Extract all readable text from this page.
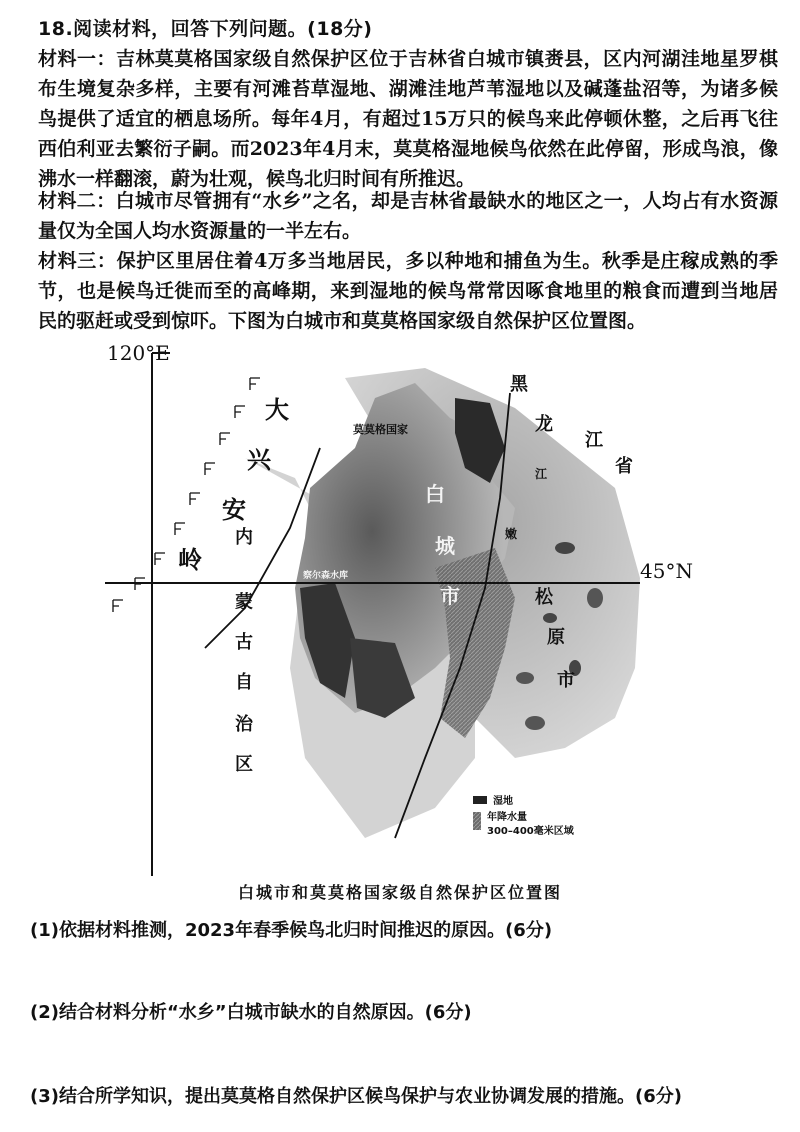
18.阅读材料，回答下列问题。(18分)
材料一：吉林莫莫格国家级自然保护区位于吉林省白城市镇赉县，区内河湖洼地星罗棋布生境复杂多样，主要有河滩苔草湿地、湖滩洼地芦苇湿地以及碱蓬盐沼等，为诸多候鸟提供了适宜的栖息场所。每年4月，有超过15万只的候鸟来此停顿休整，之后再飞往西伯利亚去繁衍子嗣。而2023年4月末，莫莫格湿地候鸟依然在此停留，形成鸟浪，像沸水一样翻滚，蔚为壮观，候鸟北归时间有所推迟。
材料二：白城市尽管拥有“水乡”之名，却是吉林省最缺水的地区之一，人均占有水资源量仅为全国人均水资源量的一半左右。
材料三：保护区里居住着4万多当地居民，多以种地和捕鱼为生。秋季是庄稼成熟的季节，也是候鸟迁徙而至的高峰期，来到湿地的候鸟常常因啄食地里的粮食而遭到当地居民的驱赶或受到惊吓。下图为白城市和莫莫格国家级自然保护区位置图。
120°E
45°N
大
兴
安
岭
黑
龙
江
省
内
蒙
古
自
治
区
白
城
市	松
原
市
莫莫格国家
嫩
江
察尔森水库
湿地
年降水量
300–400毫米区域
白城市和莫莫格国家级自然保护区位置图
(1)依据材料推测，2023年春季候鸟北归时间推迟的原因。(6分)
(2)结合材料分析“水乡”白城市缺水的自然原因。(6分)
(3)结合所学知识，提出莫莫格自然保护区候鸟保护与农业协调发展的措施。(6分)
